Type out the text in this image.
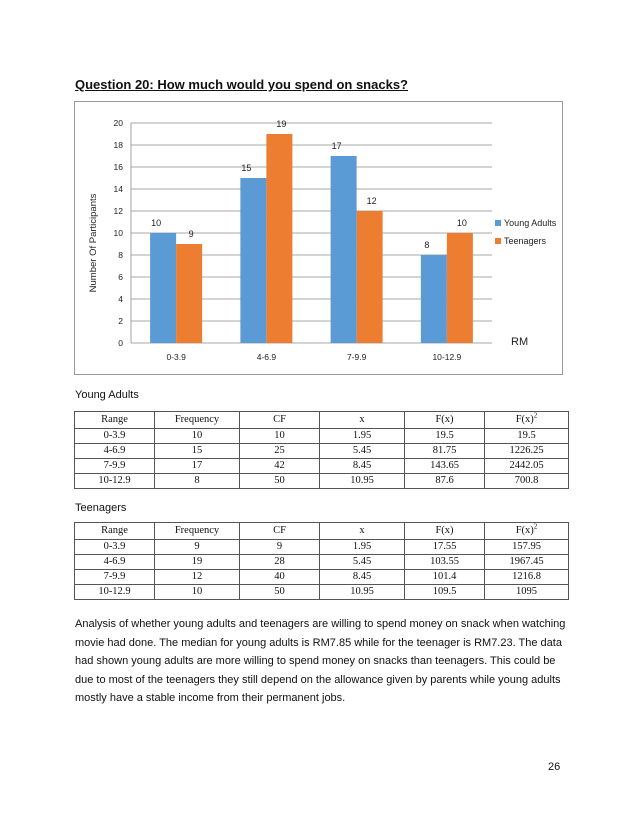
Question 20: How much would you spend on snacks?
0
2
4
6
8
10
12
14
16
18
20
10
9
0-3.9
15
19
4-6.9
17
12
7-9.9
8
10
10-12.9
Number Of Participants
RM
Young Adults
Teenagers

Young Adults

Range	Frequency	CF	x	F(x)	$F(x)^2$
0-3.9	10	10	1.95	19.5	19.5
4-6.9	15	25	5.45	81.75	1226.25
7-9.9	17	42	8.45	143.65	2442.05
10-12.9	8	50	10.95	87.6	700.8

Teenagers

Range	Frequency	CF	x	F(x)	$F(x)^2$
0-3.9	9	9	1.95	17.55	157.95
4-6.9	19	28	5.45	103.55	1967.45
7-9.9	12	40	8.45	101.4	1216.8
10-12.9	10	50	10.95	109.5	1095

Analysis of whether young adults and teenagers are willing to spend money on snack when watching movie had done. The median for young adults is RM7.85 while for the teenager is RM7.23. The data had shown young adults are more willing to spend money on snacks than teenagers. This could be due to most of the teenagers they still depend on the allowance given by parents while young adults mostly have a stable income from their permanent jobs.

26
